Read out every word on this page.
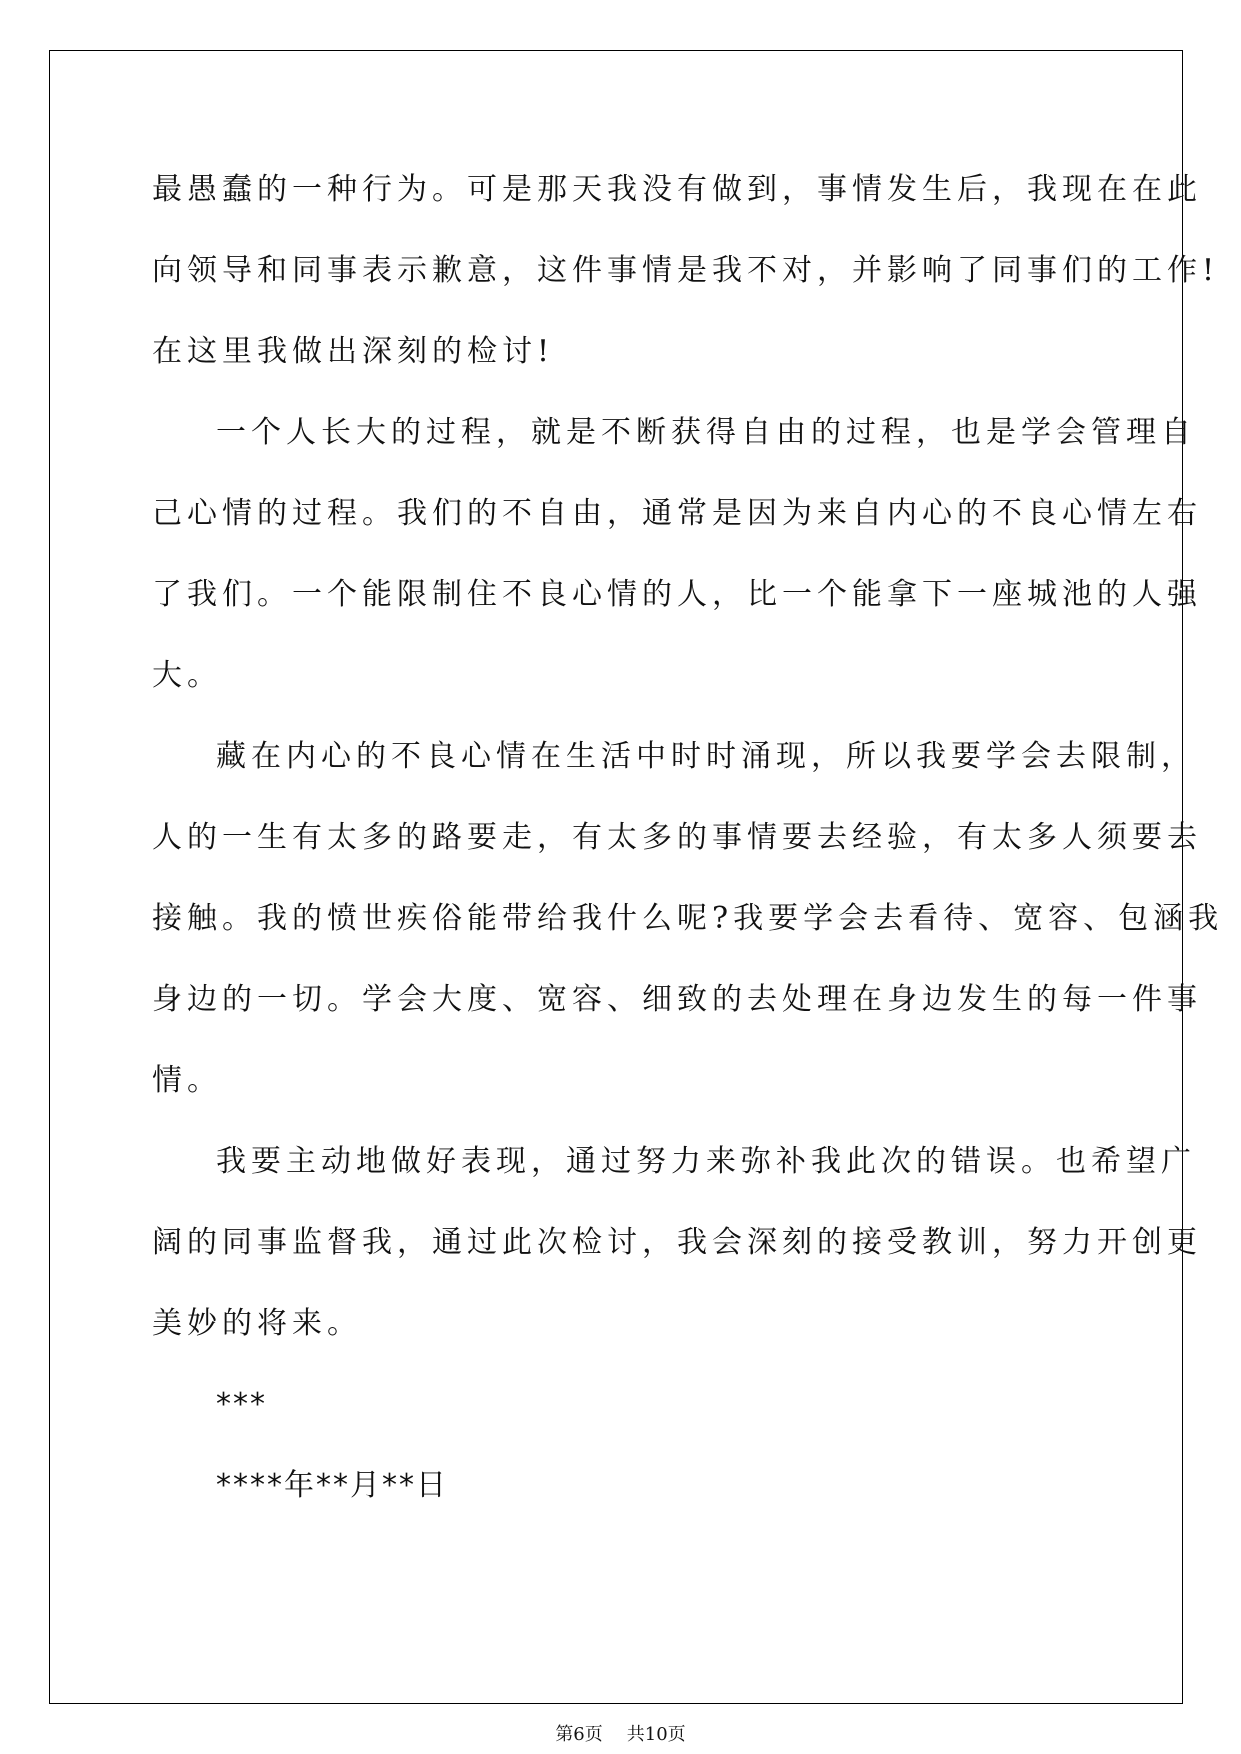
最愚蠢的一种行为。可是那天我没有做到，事情发生后，我现在在此
向领导和同事表示歉意，这件事情是我不对，并影响了同事们的工作!
在这里我做出深刻的检讨!
一个人长大的过程，就是不断获得自由的过程，也是学会管理自
己心情的过程。我们的不自由，通常是因为来自内心的不良心情左右
了我们。一个能限制住不良心情的人，比一个能拿下一座城池的人强
大。
藏在内心的不良心情在生活中时时涌现，所以我要学会去限制，
人的一生有太多的路要走，有太多的事情要去经验，有太多人须要去
接触。我的愤世疾俗能带给我什么呢?我要学会去看待、宽容、包涵我
身边的一切。学会大度、宽容、细致的去处理在身边发生的每一件事
情。
我要主动地做好表现，通过努力来弥补我此次的错误。也希望广
阔的同事监督我，通过此次检讨，我会深刻的接受教训，努力开创更
美妙的将来。
***
****年**月**日
第6页 共10页
